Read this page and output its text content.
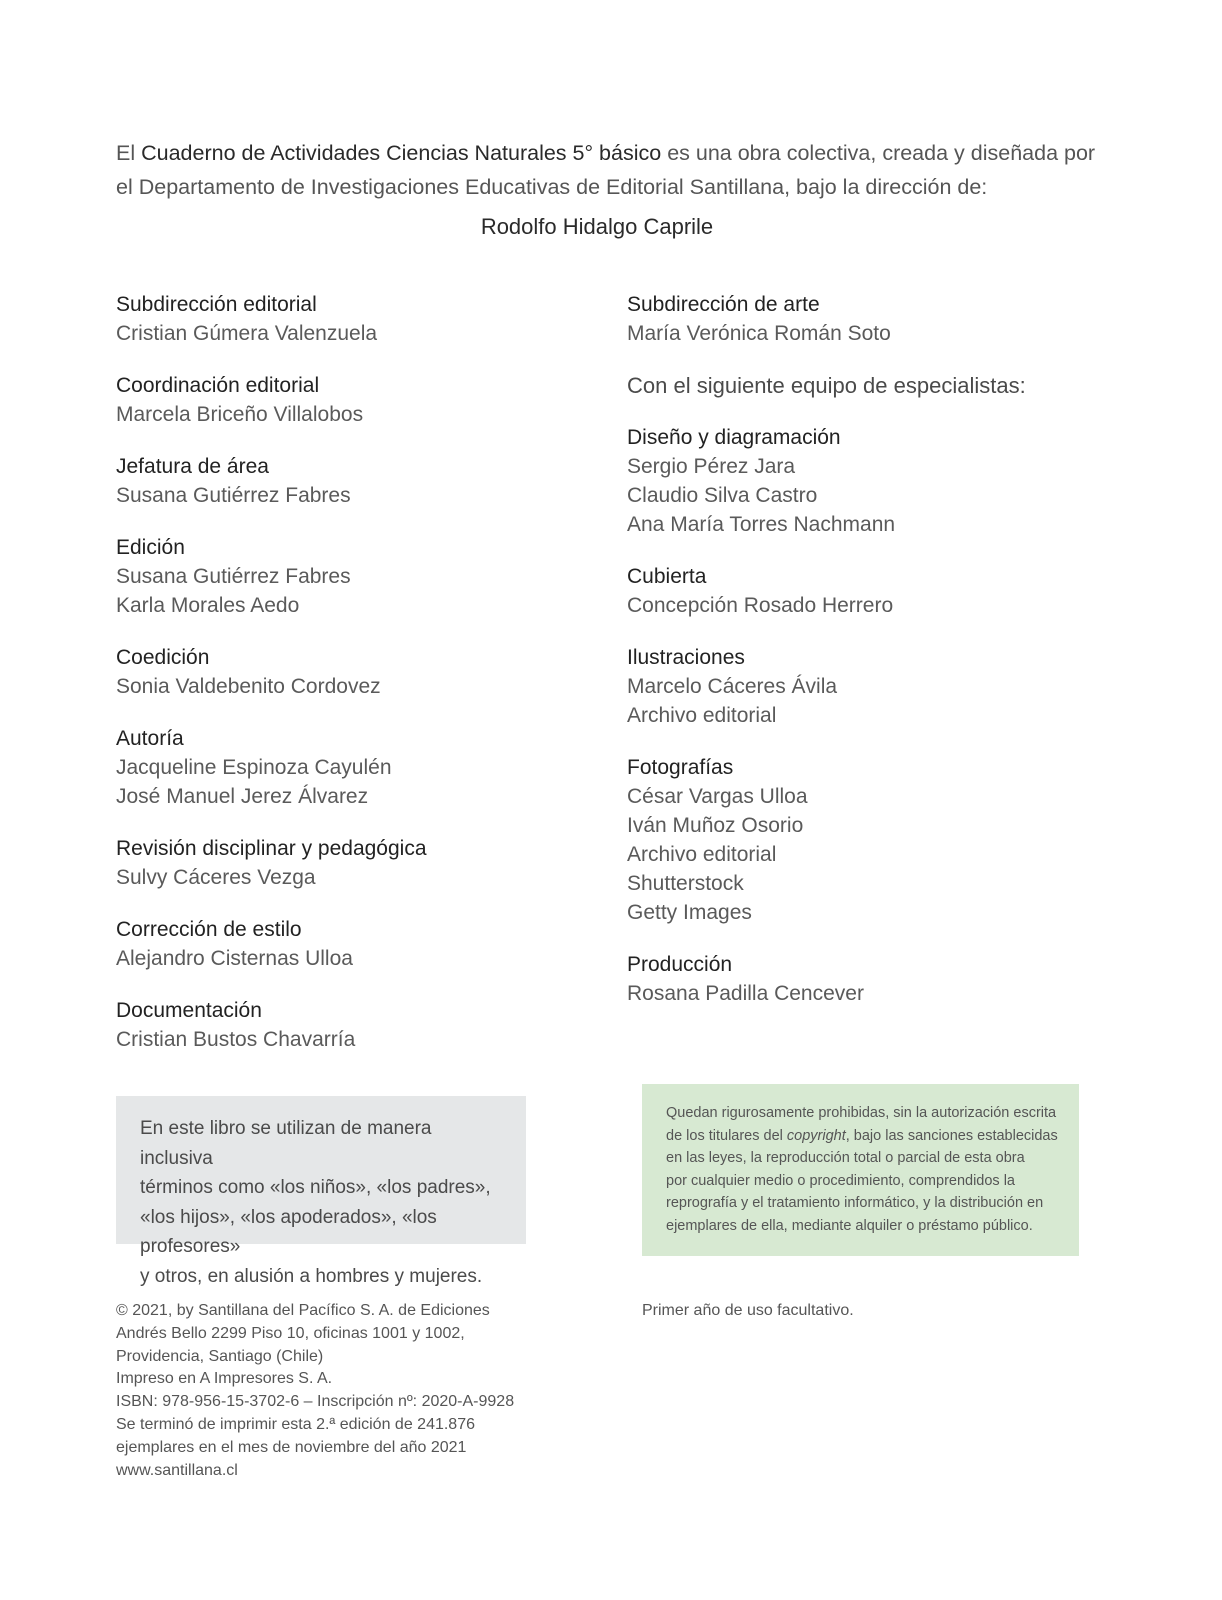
El Cuaderno de Actividades Ciencias Naturales 5° básico es una obra colectiva, creada y diseñada por el Departamento de Investigaciones Educativas de Editorial Santillana, bajo la dirección de:
Rodolfo Hidalgo Caprile
Subdirección editorial
Cristian Gúmera Valenzuela
Coordinación editorial
Marcela Briceño Villalobos
Jefatura de área
Susana Gutiérrez Fabres
Edición
Susana Gutiérrez Fabres
Karla Morales Aedo
Coedición
Sonia Valdebenito Cordovez
Autoría
Jacqueline Espinoza Cayulén
José Manuel Jerez Álvarez
Revisión disciplinar y pedagógica
Sulvy Cáceres Vezga
Corrección de estilo
Alejandro Cisternas Ulloa
Documentación
Cristian Bustos Chavarría
Subdirección de arte
María Verónica Román Soto
Con el siguiente equipo de especialistas:
Diseño y diagramación
Sergio Pérez Jara
Claudio Silva Castro
Ana María Torres Nachmann
Cubierta
Concepción Rosado Herrero
Ilustraciones
Marcelo Cáceres Ávila
Archivo editorial
Fotografías
César Vargas Ulloa
Iván Muñoz Osorio
Archivo editorial
Shutterstock
Getty Images
Producción
Rosana Padilla Cencever
En este libro se utilizan de manera inclusiva
términos como «los niños», «los padres»,
«los hijos», «los apoderados», «los profesores»
y otros, en alusión a hombres y mujeres.
Quedan rigurosamente prohibidas, sin la autorización escrita
de los titulares del copyright, bajo las sanciones establecidas
en las leyes, la reproducción total o parcial de esta obra
por cualquier medio o procedimiento, comprendidos la
reprografía y el tratamiento informático, y la distribución en
ejemplares de ella, mediante alquiler o préstamo público.
© 2021, by Santillana del Pacífico S. A. de Ediciones
Andrés Bello 2299 Piso 10, oficinas 1001 y 1002,
Providencia, Santiago (Chile)
Impreso en A Impresores S. A.
ISBN: 978-956-15-3702-6 – Inscripción nº: 2020-A-9928
Se terminó de imprimir esta 2.ª edición de 241.876
ejemplares en el mes de noviembre del año 2021
www.santillana.cl
Primer año de uso facultativo.
